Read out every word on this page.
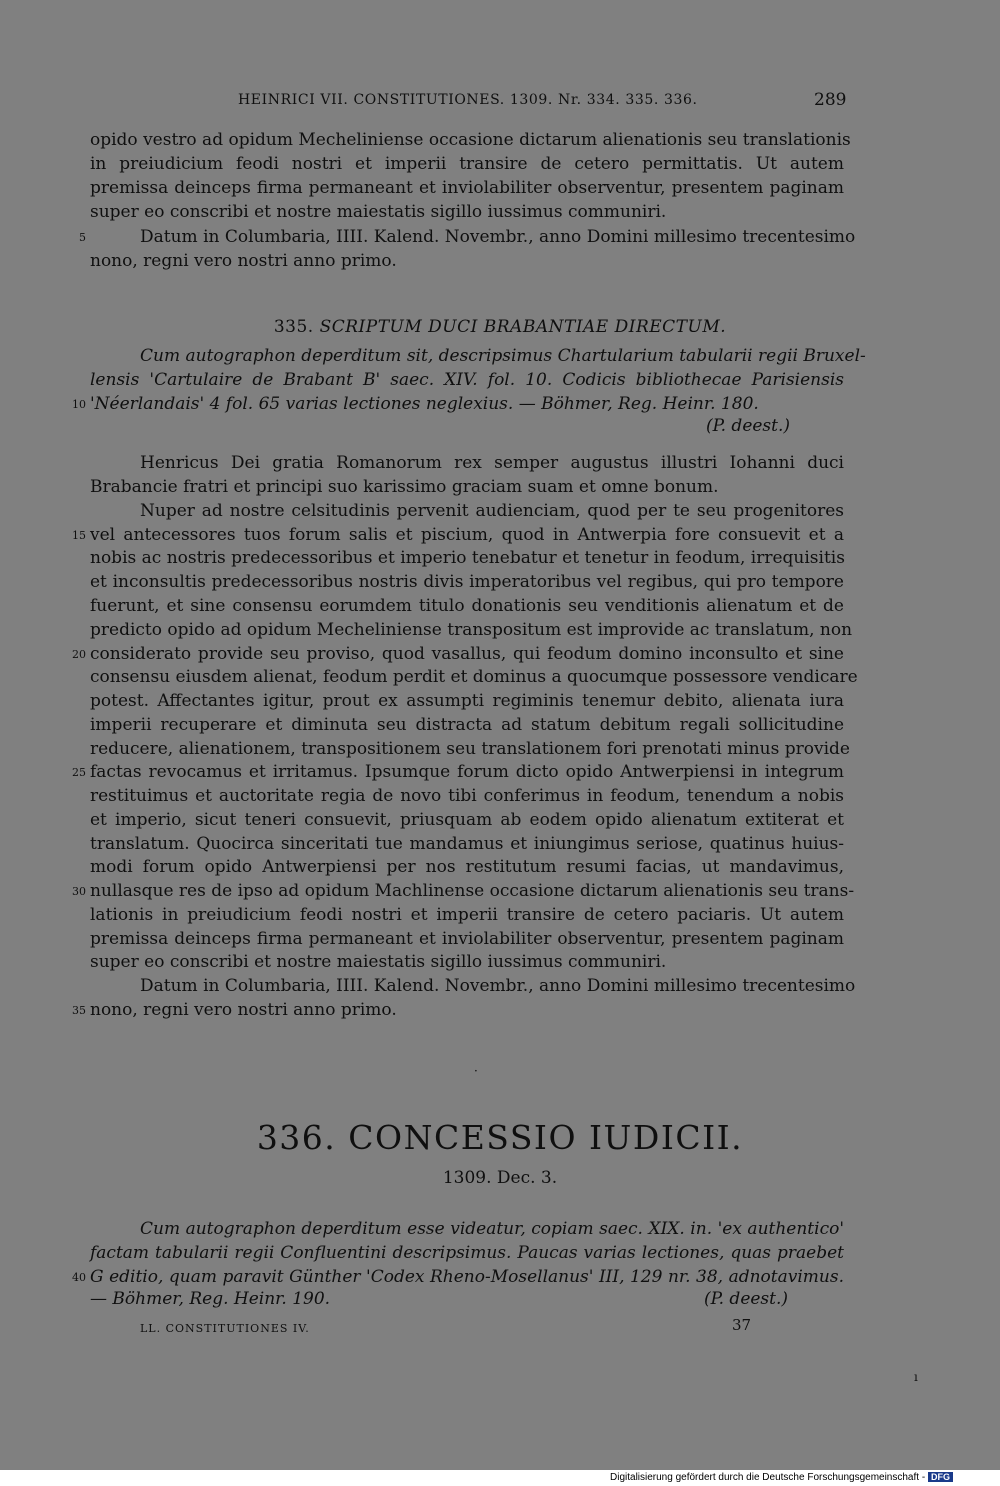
HEINRICI VII. CONSTITUTIONES. 1309. Nr. 334. 335. 336.	289
opido vestro ad opidum Mecheliniense occasione dictarum alienationis seu translationis
in preiudicium feodi nostri et imperii transire de cetero permittatis. Ut autem
premissa deinceps firma permaneant et inviolabiliter observentur, presentem paginam
super eo conscribi et nostre maiestatis sigillo iussimus communiri.
5	Datum in Columbaria, IIII. Kalend. Novembr., anno Domini millesimo trecentesimo
nono, regni vero nostri anno primo.
335. SCRIPTUM DUCI BRABANTIAE DIRECTUM.
Cum autographon deperditum sit, descripsimus Chartularium tabularii regii Bruxel-
lensis 'Cartulaire de Brabant B' saec. XIV. fol. 10. Codicis bibliothecae Parisiensis
10 'Néerlandais' 4 fol. 65 varias lectiones neglexius. — Böhmer, Reg. Heinr. 180.
(P. deest.)
Henricus Dei gratia Romanorum rex semper augustus illustri Iohanni duci
Brabancie fratri et principi suo karissimo graciam suam et omne bonum.
Nuper ad nostre celsitudinis pervenit audienciam, quod per te seu progenitores
15 vel antecessores tuos forum salis et piscium, quod in Antwerpia fore consuevit et a
nobis ac nostris predecessoribus et imperio tenebatur et tenetur in feodum, irrequisitis
et inconsultis predecessoribus nostris divis imperatoribus vel regibus, qui pro tempore
fuerunt, et sine consensu eorumdem titulo donationis seu venditionis alienatum et de
predicto opido ad opidum Mecheliniense transpositum est improvide ac translatum, non
20 considerato provide seu proviso, quod vasallus, qui feodum domino inconsulto et sine
consensu eiusdem alienat, feodum perdit et dominus a quocumque possessore vendicare
potest. Affectantes igitur, prout ex assumpti regiminis tenemur debito, alienata iura
imperii recuperare et diminuta seu distracta ad statum debitum regali sollicitudine
reducere, alienationem, transpositionem seu translationem fori prenotati minus provide
25 factas revocamus et irritamus. Ipsumque forum dicto opido Antwerpiensi in integrum
restituimus et auctoritate regia de novo tibi conferimus in feodum, tenendum a nobis
et imperio, sicut teneri consuevit, priusquam ab eodem opido alienatum extiterat et
translatum. Quocirca sinceritati tue mandamus et iniungimus seriose, quatinus huius-
modi forum opido Antwerpiensi per nos restitutum resumi facias, ut mandavimus,
30 nullasque res de ipso ad opidum Machlinense occasione dictarum alienationis seu trans-
lationis in preiudicium feodi nostri et imperii transire de cetero paciaris. Ut autem
premissa deinceps firma permaneant et inviolabiliter observentur, presentem paginam
super eo conscribi et nostre maiestatis sigillo iussimus communiri.
Datum in Columbaria, IIII. Kalend. Novembr., anno Domini millesimo trecentesimo
35 nono, regni vero nostri anno primo.
·
336. CONCESSIO IUDICII.
1309. Dec. 3.
Cum autographon deperditum esse videatur, copiam saec. XIX. in. 'ex authentico'
factam tabularii regii Confluentini descripsimus. Paucas varias lectiones, quas praebet
40 G editio, quam paravit Günther 'Codex Rheno-Mosellanus' III, 129 nr. 38, adnotavimus.
— Böhmer, Reg. Heinr. 190.	(P. deest.)
LL. CONSTITUTIONES IV.	37
ı
Digitalisierung gefördert durch die Deutsche Forschungsgemeinschaft - DFG
